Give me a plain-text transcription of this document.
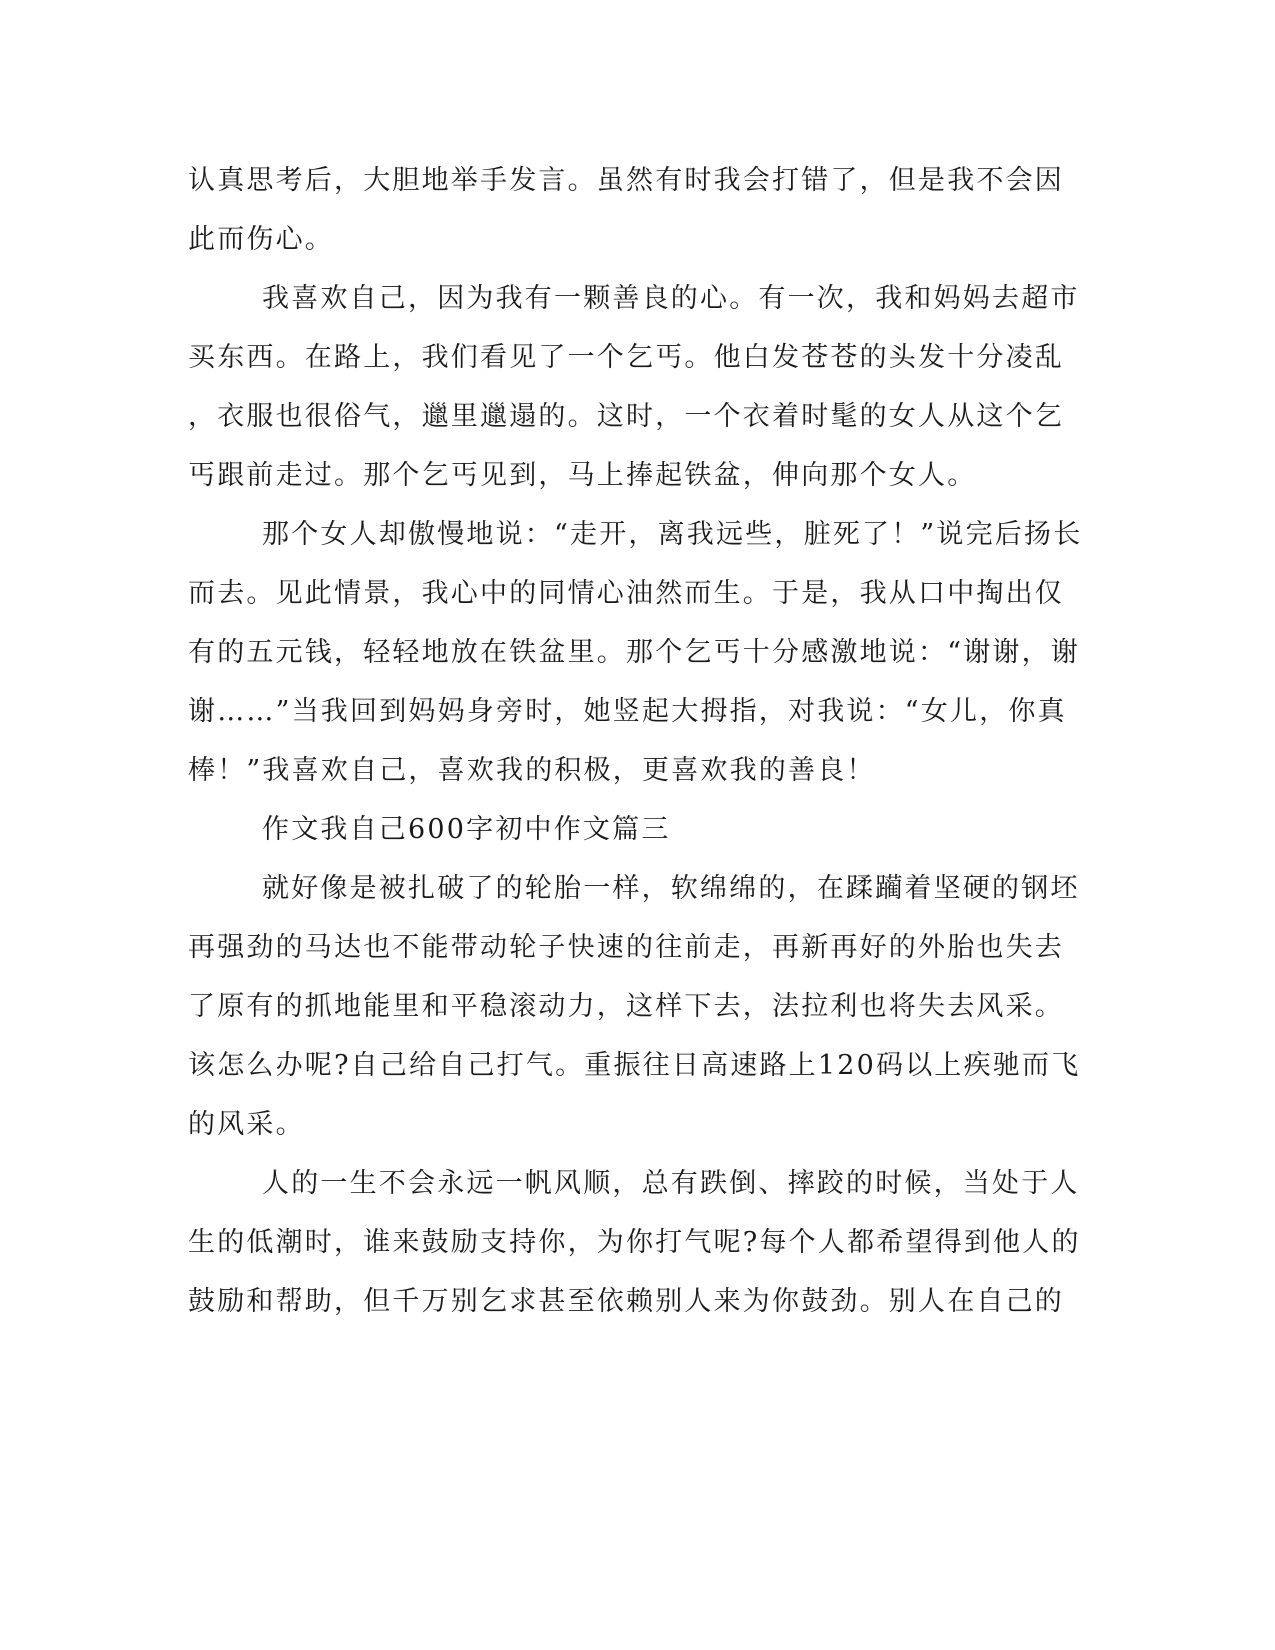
认真思考后，大胆地举手发言。虽然有时我会打错了，但是我不会因
此而伤心。
我喜欢自己，因为我有一颗善良的心。有一次，我和妈妈去超市
买东西。在路上，我们看见了一个乞丐。他白发苍苍的头发十分凌乱
，衣服也很俗气，邋里邋遢的。这时，一个衣着时髦的女人从这个乞
丐跟前走过。那个乞丐见到，马上捧起铁盆，伸向那个女人。
那个女人却傲慢地说：“走开，离我远些，脏死了！”说完后扬长
而去。见此情景，我心中的同情心油然而生。于是，我从口中掏出仅
有的五元钱，轻轻地放在铁盆里。那个乞丐十分感激地说：“谢谢，谢
谢……”当我回到妈妈身旁时，她竖起大拇指，对我说：“女儿，你真
棒！”我喜欢自己，喜欢我的积极，更喜欢我的善良！
作文我自己600字初中作文篇三
就好像是被扎破了的轮胎一样，软绵绵的，在蹂躏着坚硬的钢坯
再强劲的马达也不能带动轮子快速的往前走，再新再好的外胎也失去
了原有的抓地能里和平稳滚动力，这样下去，法拉利也将失去风采。
该怎么办呢?自己给自己打气。重振往日高速路上120码以上疾驰而飞
的风采。
人的一生不会永远一帆风顺，总有跌倒、摔跤的时候，当处于人
生的低潮时，谁来鼓励支持你，为你打气呢?每个人都希望得到他人的
鼓励和帮助，但千万别乞求甚至依赖别人来为你鼓劲。别人在自己的
